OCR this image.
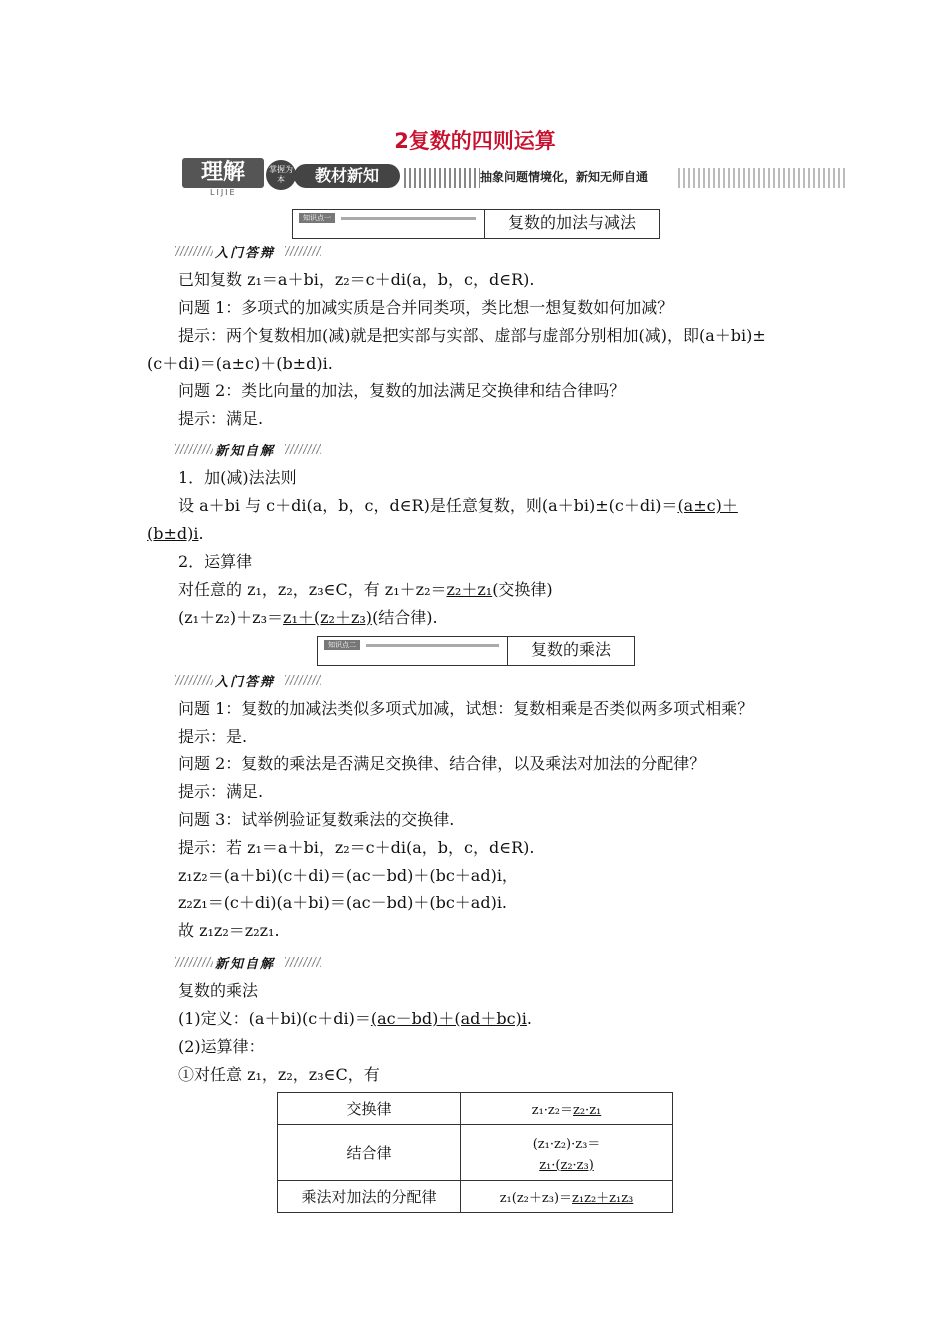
2复数的四则运算
理解
LIJIE
掌握为本	教材新知	抽象问题情境化，新知无师自通
知识点一	复数的加法与减法
入门答辩
已知复数 z₁＝a＋bi，z₂＝c＋di(a，b，c，d∈R).
问题 1：多项式的加减实质是合并同类项，类比想一想复数如何加减？
提示：两个复数相加(减)就是把实部与实部、虚部与虚部分别相加(减)，即(a＋bi)±
(c＋di)＝(a±c)＋(b±d)i.
问题 2：类比向量的加法，复数的加法满足交换律和结合律吗？
提示：满足.
新知自解
1．加(减)法法则
设 a＋bi 与 c＋di(a，b，c，d∈R)是任意复数，则(a＋bi)±(c＋di)＝(a±c)＋
(b±d)i.
2．运算律
对任意的 z₁，z₂，z₃∈C，有 z₁＋z₂＝z₂＋z₁(交换律)
(z₁＋z₂)＋z₃＝z₁＋(z₂＋z₃)(结合律).
知识点二	复数的乘法
入门答辩
问题 1：复数的加减法类似多项式加减，试想：复数相乘是否类似两多项式相乘？
提示：是.
问题 2：复数的乘法是否满足交换律、结合律，以及乘法对加法的分配律？
提示：满足.
问题 3：试举例验证复数乘法的交换律.
提示：若 z₁＝a＋bi，z₂＝c＋di(a，b，c，d∈R).
z₁z₂＝(a＋bi)(c＋di)＝(ac－bd)＋(bc＋ad)i，
z₂z₁＝(c＋di)(a＋bi)＝(ac－bd)＋(bc＋ad)i.
故 z₁z₂＝z₂z₁.
新知自解
复数的乘法
(1)定义：(a＋bi)(c＋di)＝(ac－bd)＋(ad＋bc)i.
(2)运算律：
①对任意 z₁，z₂，z₃∈C，有
交换律	z₁·z₂＝z₂·z₁
结合律	(z₁·z₂)·z₃＝
z₁·(z₂·z₃)

乘法对加法的分配律	z₁(z₂＋z₃)＝z₁z₂＋z₁z₃
